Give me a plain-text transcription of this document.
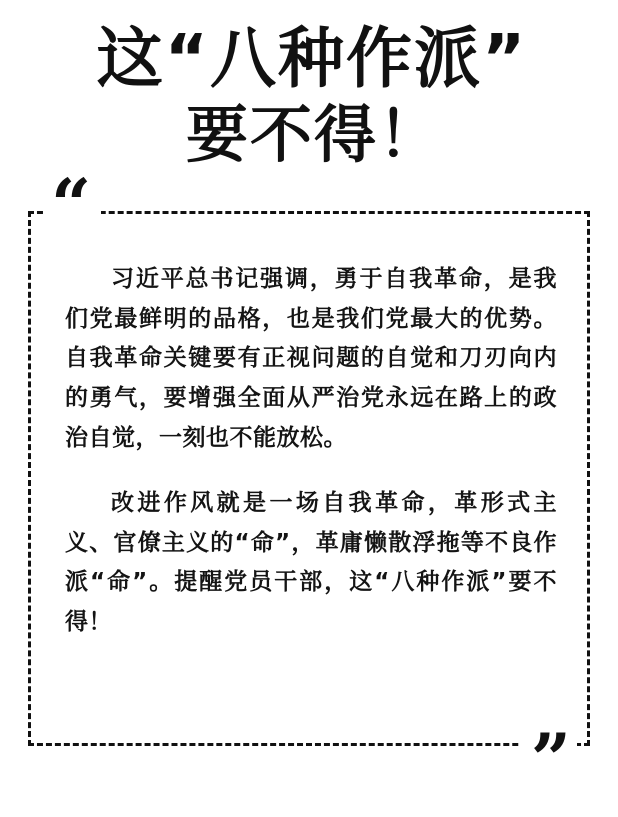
这“八种作派”
要不得！
“

习近平总书记强调，勇于自我革命，是我们党最鲜明的品格，也是我们党最大的优势。自我革命关键要有正视问题的自觉和刀刃向内的勇气，要增强全面从严治党永远在路上的政治自觉，一刻也不能放松。

改进作风就是一场自我革命，革形式主义、官僚主义的“命”，革庸懒散浮拖等不良作派“命”。提醒党员干部，这“八种作派”要不得！

”
